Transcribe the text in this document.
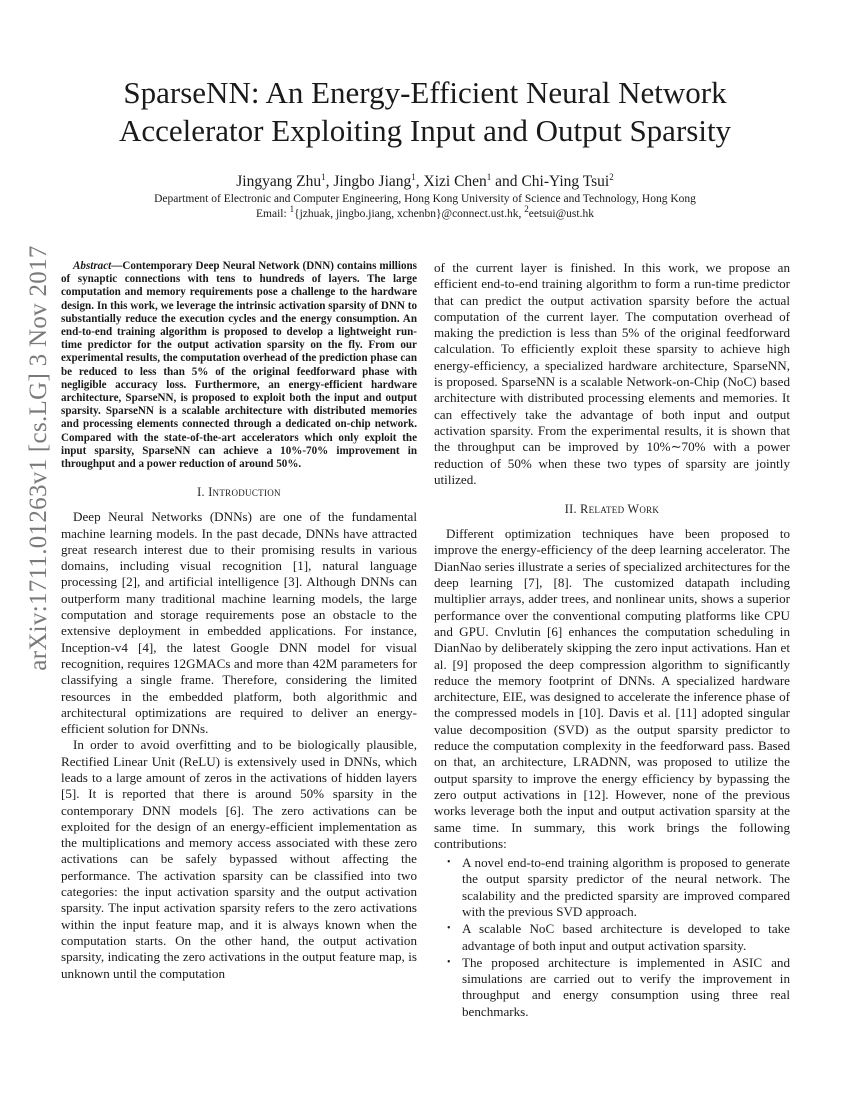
arXiv:1711.01263v1 [cs.LG] 3 Nov 2017
SparseNN: An Energy-Efficient Neural Network
Accelerator Exploiting Input and Output Sparsity
Jingyang Zhu$^1$, Jingbo Jiang$^1$, Xizi Chen$^1$ and Chi-Ying Tsui$^2$
Department of Electronic and Computer Engineering, Hong Kong University of Science and Technology, Hong Kong
Email: $^1${jzhuak, jingbo.jiang, xchenbn}@connect.ust.hk, $^2$eetsui@ust.hk

Abstract—Contemporary Deep Neural Network (DNN) contains millions of synaptic connections with tens to hundreds of layers. The large computation and memory requirements pose a challenge to the hardware design. In this work, we leverage the intrinsic activation sparsity of DNN to substantially reduce the execution cycles and the energy consumption. An end-to-end training algorithm is proposed to develop a lightweight run-time predictor for the output activation sparsity on the fly. From our experimental results, the computation overhead of the prediction phase can be reduced to less than 5% of the original feedforward phase with negligible accuracy loss. Furthermore, an energy-efficient hardware architecture, SparseNN, is proposed to exploit both the input and output sparsity. SparseNN is a scalable architecture with distributed memories and processing elements connected through a dedicated on-chip network. Compared with the state-of-the-art accelerators which only exploit the input sparsity, SparseNN can achieve a 10%-70% improvement in throughput and a power reduction of around 50%.

I. Introduction

Deep Neural Networks (DNNs) are one of the fundamental machine learning models. In the past decade, DNNs have attracted great research interest due to their promising results in various domains, including visual recognition [1], natural language processing [2], and artificial intelligence [3]. Although DNNs can outperform many traditional machine learning models, the large computation and storage requirements pose an obstacle to the extensive deployment in embedded applications. For instance, Inception-v4 [4], the latest Google DNN model for visual recognition, requires 12GMACs and more than 42M parameters for classifying a single frame. Therefore, considering the limited resources in the embedded platform, both algorithmic and architectural optimizations are required to deliver an energy-efficient solution for DNNs.

In order to avoid overfitting and to be biologically plausible, Rectified Linear Unit (ReLU) is extensively used in DNNs, which leads to a large amount of zeros in the activations of hidden layers [5]. It is reported that there is around 50% sparsity in the contemporary DNN models [6]. The zero activations can be exploited for the design of an energy-efficient implementation as the multiplications and memory access associated with these zero activations can be safely bypassed without affecting the performance. The activation sparsity can be classified into two categories: the input activation sparsity and the output activation sparsity. The input activation sparsity refers to the zero activations within the input feature map, and it is always known when the computation starts. On the other hand, the output activation sparsity, indicating the zero activations in the output feature map, is unknown until the computation

of the current layer is finished. In this work, we propose an efficient end-to-end training algorithm to form a run-time predictor that can predict the output activation sparsity before the actual computation of the current layer. The computation overhead of making the prediction is less than 5% of the original feedforward calculation. To efficiently exploit these sparsity to achieve high energy-efficiency, a specialized hardware architecture, SparseNN, is proposed. SparseNN is a scalable Network-on-Chip (NoC) based architecture with distributed processing elements and memories. It can effectively take the advantage of both input and output activation sparsity. From the experimental results, it is shown that the throughput can be improved by 10%∼70% with a power reduction of 50% when these two types of sparsity are jointly utilized.

II. Related Work

Different optimization techniques have been proposed to improve the energy-efficiency of the deep learning accelerator. The DianNao series illustrate a series of specialized architectures for the deep learning [7], [8]. The customized datapath including multiplier arrays, adder trees, and nonlinear units, shows a superior performance over the conventional computing platforms like CPU and GPU. Cnvlutin [6] enhances the computation scheduling in DianNao by deliberately skipping the zero input activations. Han et al. [9] proposed the deep compression algorithm to significantly reduce the memory footprint of DNNs. A specialized hardware architecture, EIE, was designed to accelerate the inference phase of the compressed models in [10]. Davis et al. [11] adopted singular value decomposition (SVD) as the output sparsity predictor to reduce the computation complexity in the feedforward pass. Based on that, an architecture, LRADNN, was proposed to utilize the output sparsity to improve the energy efficiency by bypassing the zero output activations in [12]. However, none of the previous works leverage both the input and output activation sparsity at the same time. In summary, this work brings the following contributions:

• A novel end-to-end training algorithm is proposed to generate the output sparsity predictor of the neural network. The scalability and the predicted sparsity are improved compared with the previous SVD approach.
• A scalable NoC based architecture is developed to take advantage of both input and output activation sparsity.
• The proposed architecture is implemented in ASIC and simulations are carried out to verify the improvement in throughput and energy consumption using three real benchmarks.
